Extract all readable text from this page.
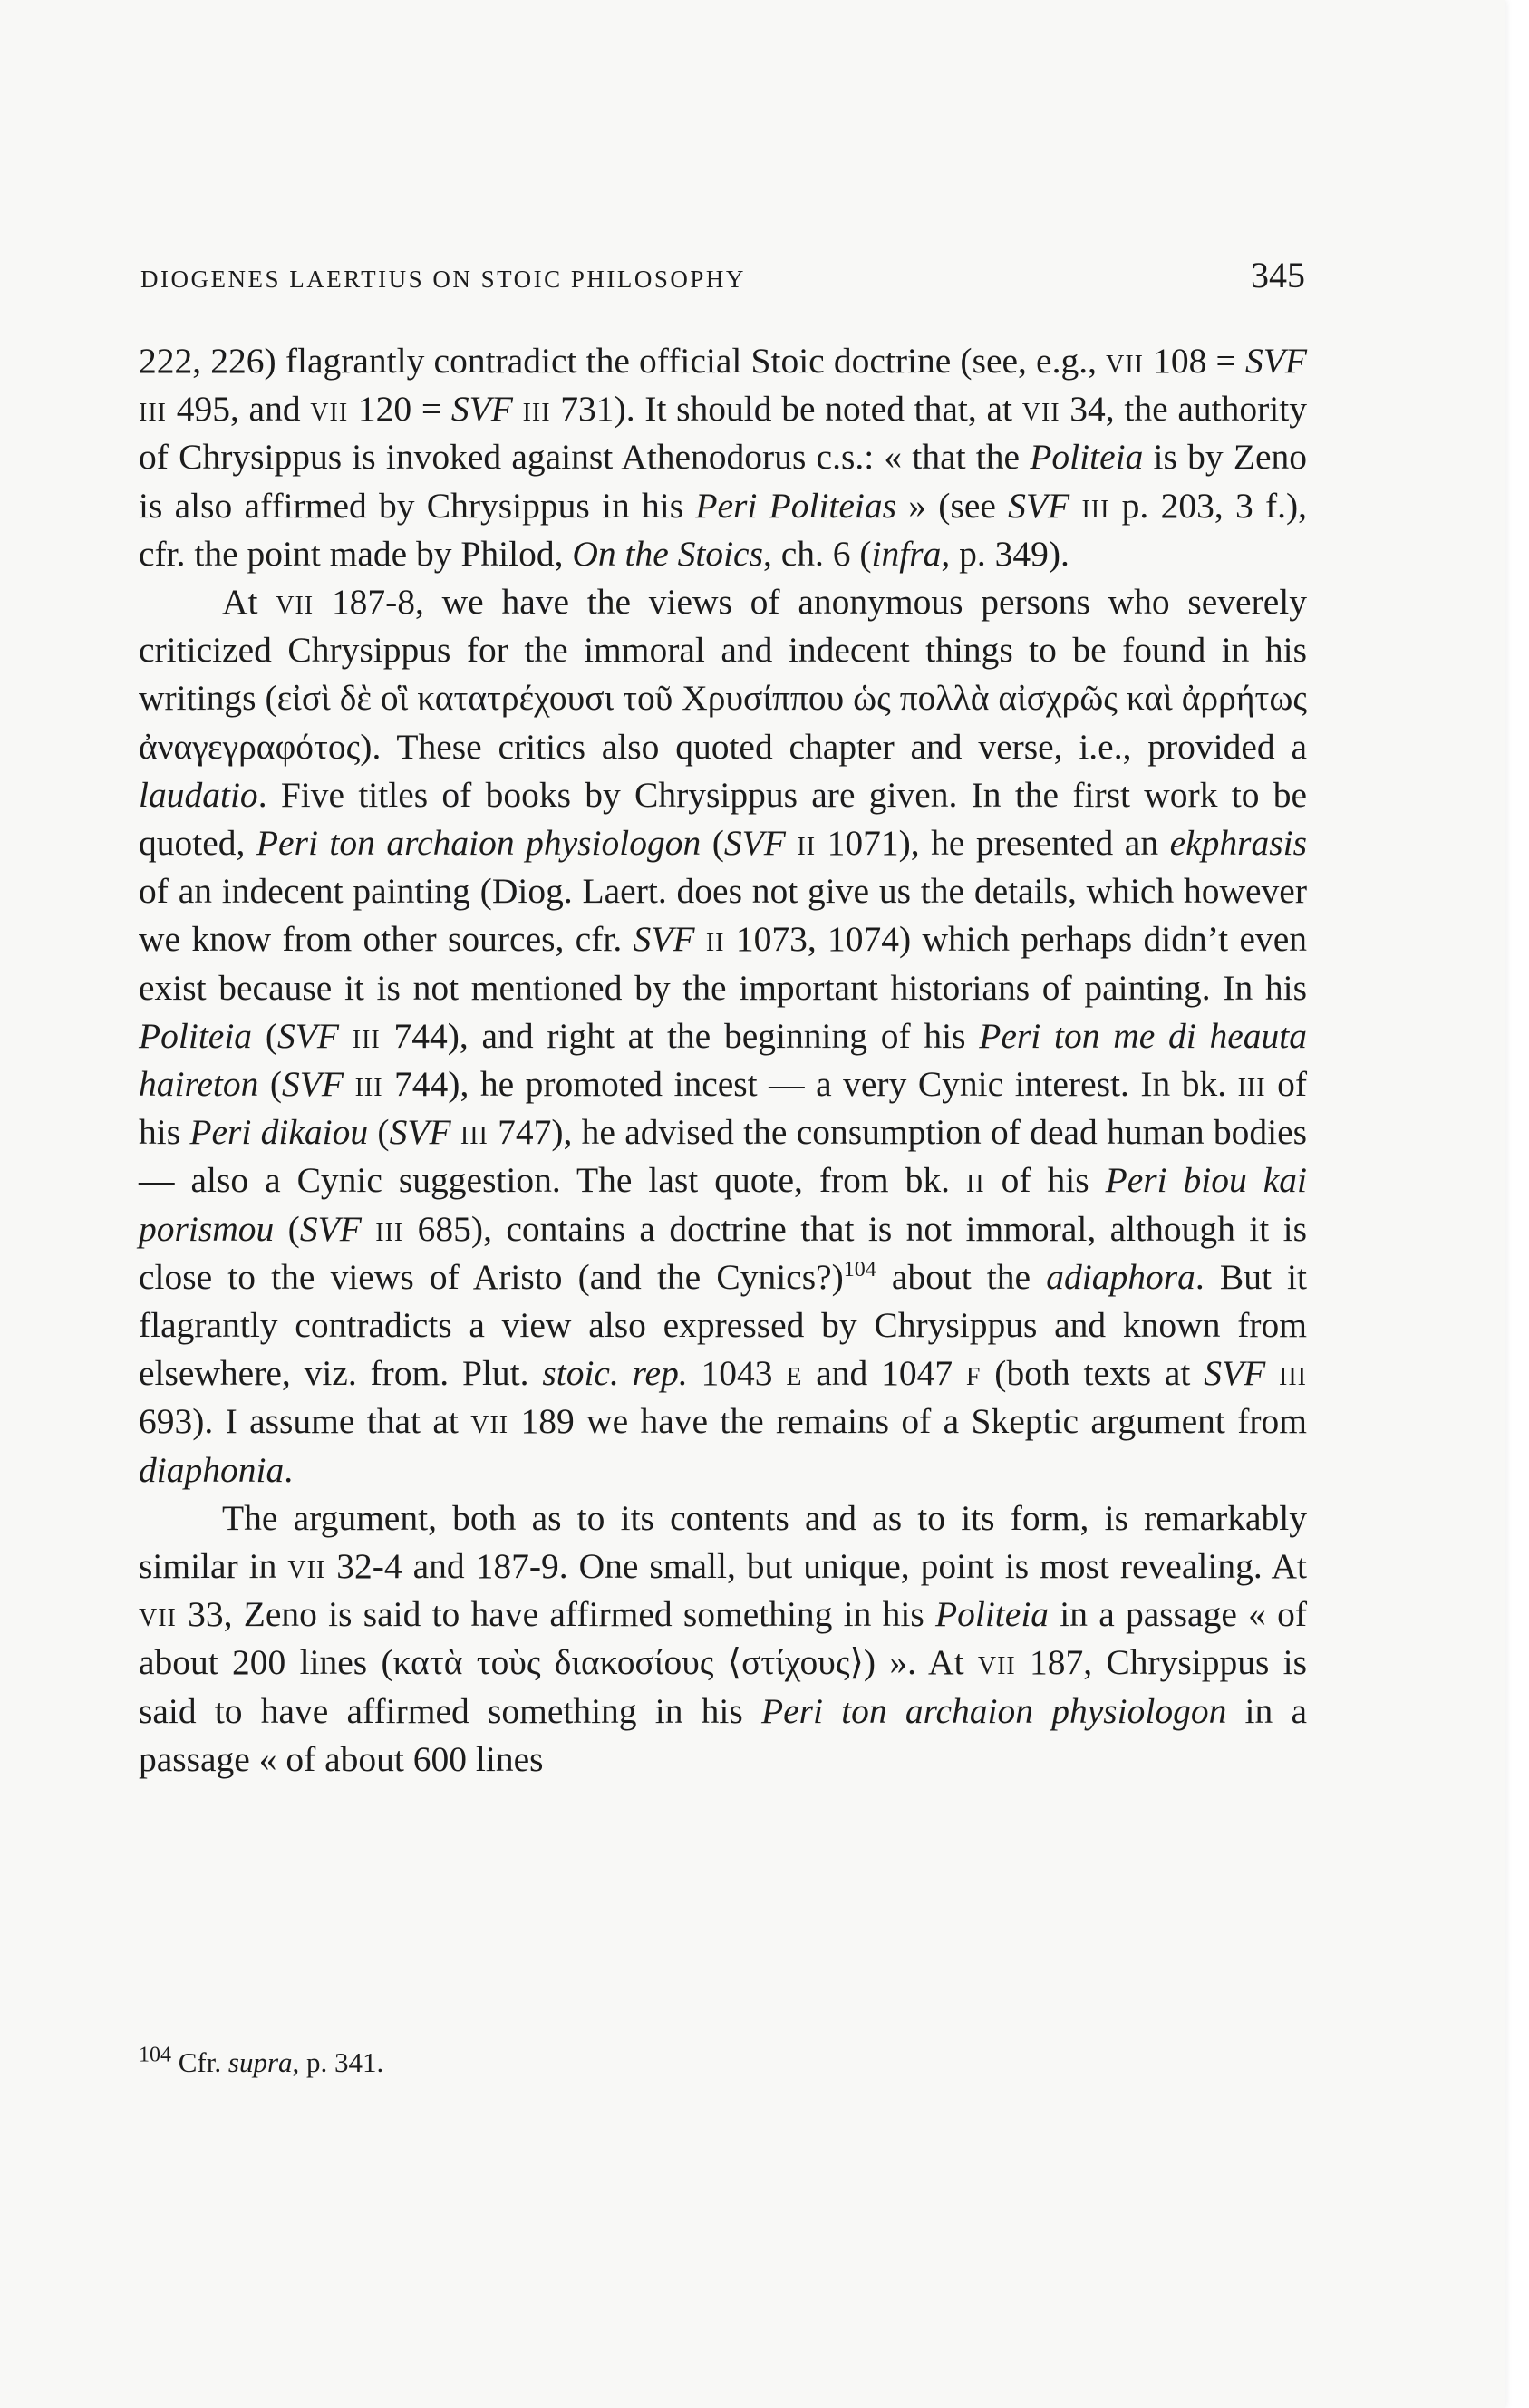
DIOGENES LAERTIUS ON STOIC PHILOSOPHY	345

222, 226) flagrantly contradict the official Stoic doctrine (see, e.g., vii 108 = SVF iii 495, and vii 120 = SVF iii 731). It should be noted that, at vii 34, the authority of Chrysippus is invoked against Athenodorus c.s.: « that the Politeia is by Zeno is also affirmed by Chrysippus in his Peri Politeias » (see SVF iii p. 203, 3 f.), cfr. the point made by Philod, On the Stoics, ch. 6 (infra, p. 349).

At vii 187-8, we have the views of anonymous persons who severely criticized Chrysippus for the immoral and indecent things to be found in his writings (εἰσὶ δὲ οἳ κατατρέχουσι τοῦ Χρυσίππου ὡς πολλὰ αἰσχρῶς καὶ ἀρρήτως ἀναγεγραφότος). These critics also quoted chapter and verse, i.e., provided a laudatio. Five titles of books by Chrysippus are given. In the first work to be quoted, Peri ton archaion physiologon (SVF ii 1071), he presented an ekphrasis of an indecent painting (Diog. Laert. does not give us the details, which however we know from other sources, cfr. SVF ii 1073, 1074) which perhaps didn’t even exist because it is not mentioned by the important historians of painting. In his Politeia (SVF iii 744), and right at the beginning of his Peri ton me di heauta haireton (SVF iii 744), he promoted incest — a very Cynic interest. In bk. iii of his Peri dikaiou (SVF iii 747), he advised the consumption of dead human bodies — also a Cynic suggestion. The last quote, from bk. ii of his Peri biou kai porismou (SVF iii 685), contains a doctrine that is not immoral, although it is close to the views of Aristo (and the Cynics?)$^{104}$ about the adiaphora. But it flagrantly contradicts a view also expressed by Chrysippus and known from elsewhere, viz. from. Plut. stoic. rep. 1043 e and 1047 f (both texts at SVF iii 693). I assume that at vii 189 we have the remains of a Skeptic argument from diaphonia.

The argument, both as to its contents and as to its form, is remarkably similar in vii 32-4 and 187-9. One small, but unique, point is most revealing. At vii 33, Zeno is said to have affirmed something in his Politeia in a passage « of about 200 lines (κατὰ τοὺς διακοσίους ⟨στίχους⟩) ». At vii 187, Chrysippus is said to have affirmed something in his Peri ton archaion physiologon in a passage « of about 600 lines

$^{104}$ Cfr. supra, p. 341.
